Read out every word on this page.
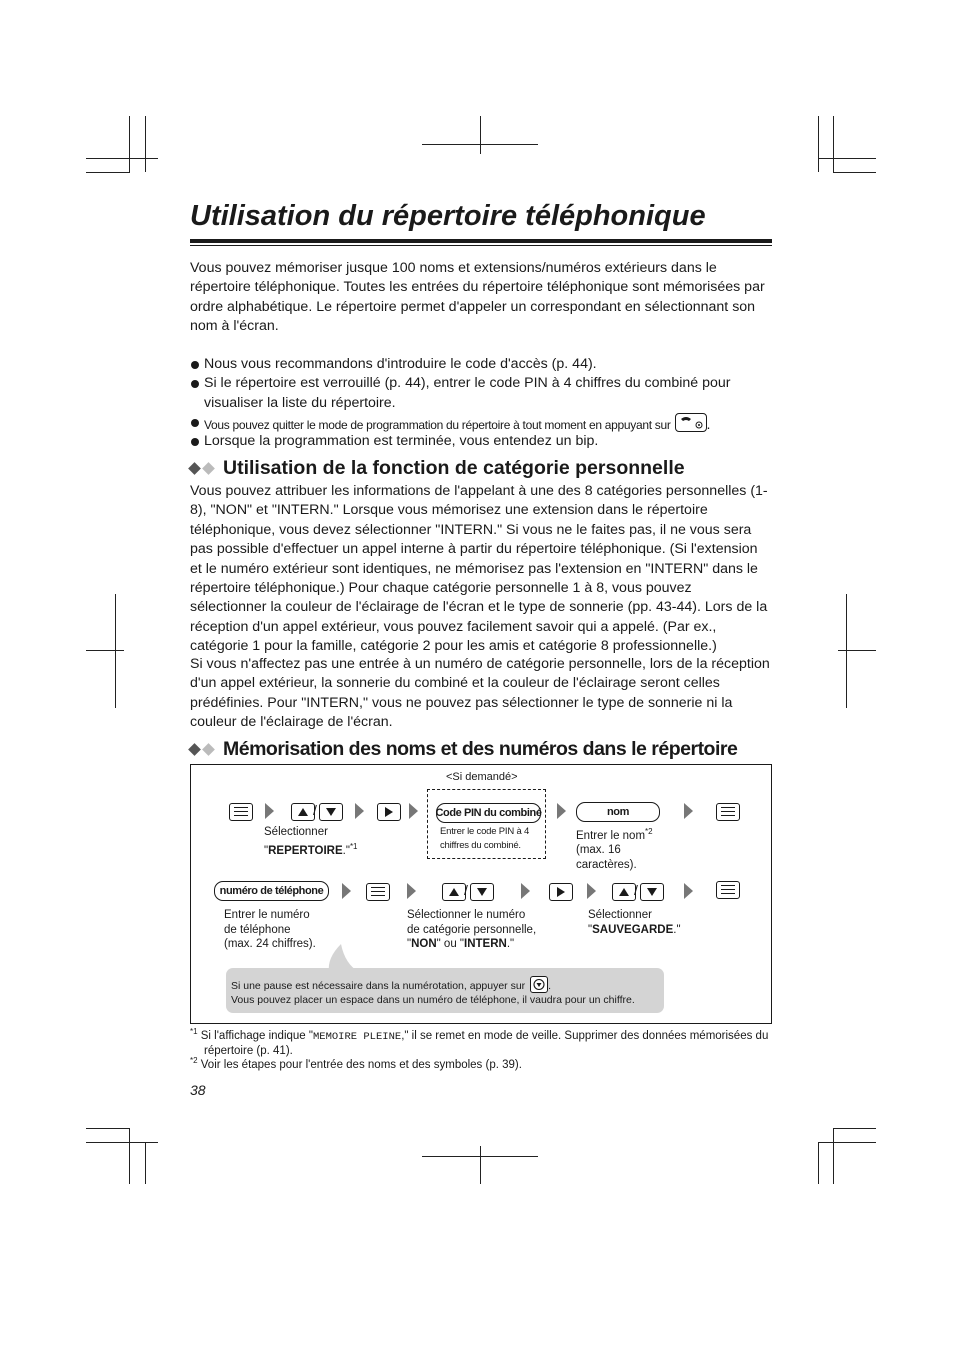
Utilisation du répertoire téléphonique
Vous pouvez mémoriser jusque 100 noms et extensions/numéros extérieurs dans le répertoire téléphonique. Toutes les entrées du répertoire téléphonique sont mémorisées par ordre alphabétique. Le répertoire permet d'appeler un correspondant en sélectionnant son nom à l'écran.
Nous vous recommandons d'introduire le code d'accès (p. 44).
Si le répertoire est verrouillé (p. 44), entrer le code PIN à 4 chiffres du combiné pour visualiser la liste du répertoire.
Vous pouvez quitter le mode de programmation du répertoire à tout moment en appuyant sur	.
Lorsque la programmation est terminée, vous entendez un bip.
Utilisation de la fonction de catégorie personnelle
Vous pouvez attribuer les informations de l'appelant à une des 8 catégories personnelles (1-8), "NON" et "INTERN." Lorsque vous mémorisez une extension dans le répertoire téléphonique, vous devez sélectionner "INTERN." Si vous ne le faites pas, il ne vous sera pas possible d'effectuer un appel interne à partir du répertoire téléphonique. (Si l'extension et le numéro extérieur sont identiques, ne mémorisez pas l'extension en "INTERN" dans le répertoire téléphonique.) Pour chaque catégorie personnelle 1 à 8, vous pouvez sélectionner la couleur de l'éclairage de l'écran et le type de sonnerie (pp. 43-44). Lors de la réception d'un appel extérieur, vous pouvez facilement savoir qui a appelé. (Par ex., catégorie 1 pour la famille, catégorie 2 pour les amis et catégorie 8 professionnelle.)
Si vous n'affectez pas une entrée à un numéro de catégorie personnelle, lors de la réception d'un appel extérieur, la sonnerie du combiné et la couleur de l'éclairage seront celles prédéfinies. Pour "INTERN," vous ne pouvez pas sélectionner le type de sonnerie ni la couleur de l'éclairage de l'écran.
Mémorisation des noms et des numéros dans le répertoire
<Si demandé>
/	Code PIN du combiné
Entrer le code PIN à 4
chiffres du combiné.
nom
Sélectionner
"REPERTOIRE."$^{*1}$
Entrer le nom$^{*2}$
(max. 16
caractères).
numéro de téléphone	/	/
Entrer le numéro
de téléphone
(max. 24 chiffres).
Sélectionner le numéro
de catégorie personnelle,
"NON" ou "INTERN."
Sélectionner
"SAUVEGARDE."
Si une pause est nécessaire dans la numérotation, appuyer sur .
Vous pouvez placer un espace dans un numéro de téléphone, il vaudra pour un chiffre.
$^{*1}$ Si l'affichage indique "MEMOIRE PLEINE," il se remet en mode de veille. Supprimer des données mémorisées du répertoire (p. 41).
$^{*2}$ Voir les étapes pour l'entrée des noms et des symboles (p. 39).
38
